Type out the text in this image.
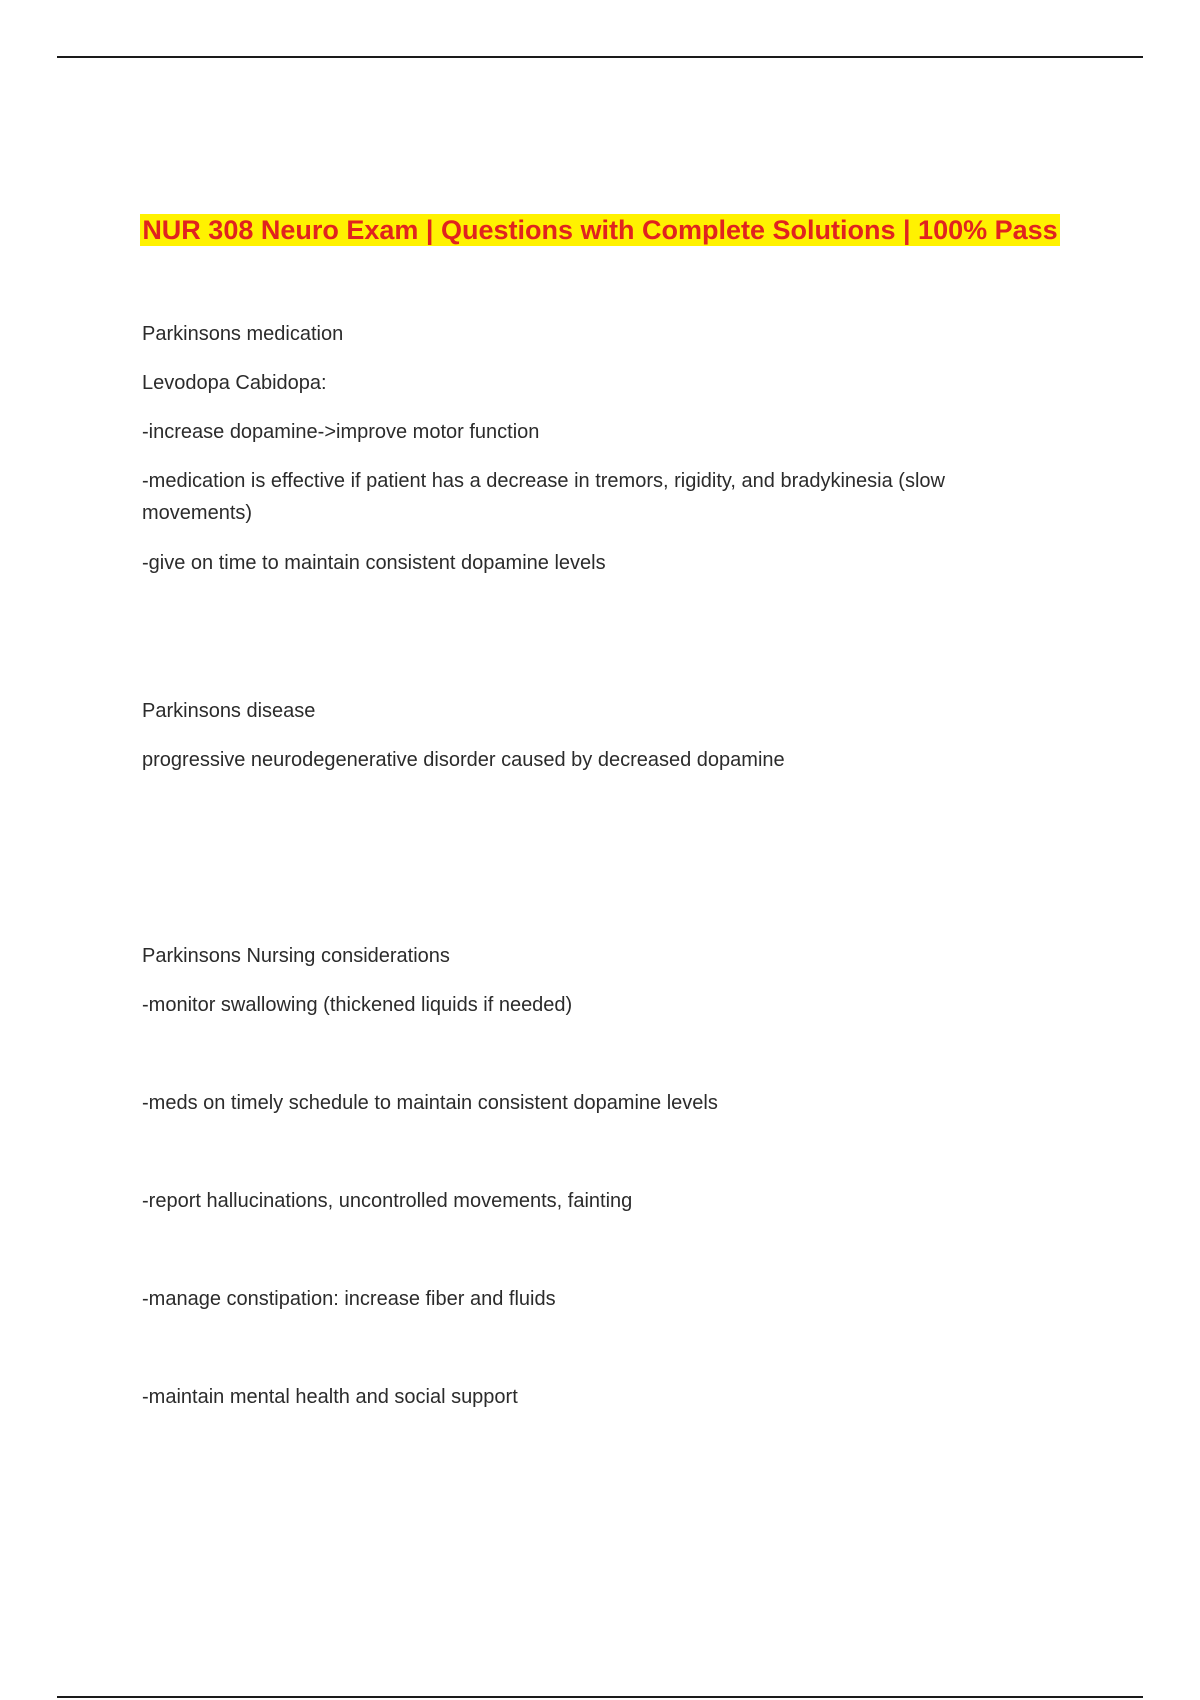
NUR 308 Neuro Exam | Questions with Complete Solutions | 100% Pass

Parkinsons medication

Levodopa Cabidopa:

-increase dopamine->improve motor function

-medication is effective if patient has a decrease in tremors, rigidity, and bradykinesia (slow movements)

-give on time to maintain consistent dopamine levels

Parkinsons disease

progressive neurodegenerative disorder caused by decreased dopamine

Parkinsons Nursing considerations

-monitor swallowing (thickened liquids if needed)

-meds on timely schedule to maintain consistent dopamine levels

-report hallucinations, uncontrolled movements, fainting

-manage constipation: increase fiber and fluids

-maintain mental health and social support
